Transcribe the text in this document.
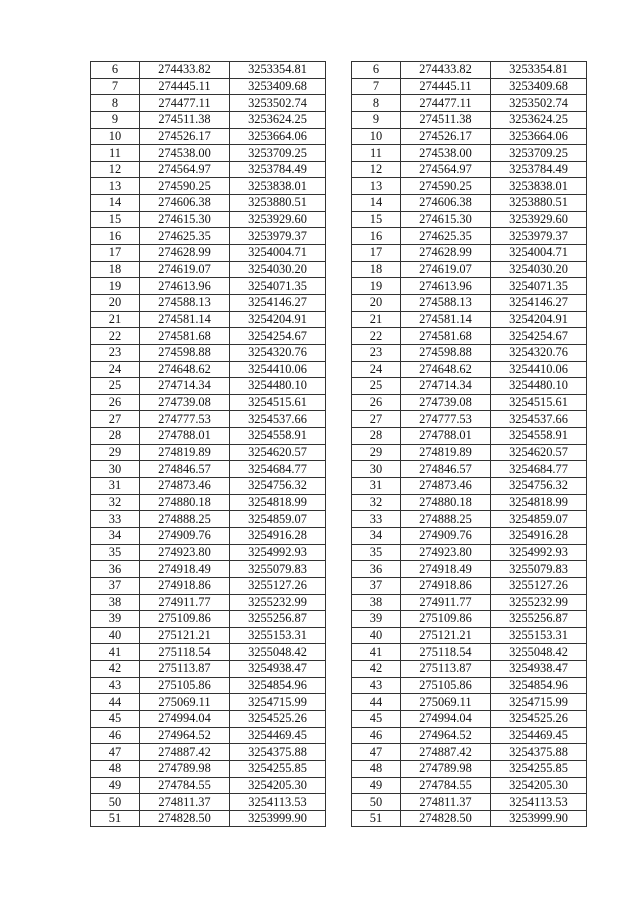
6	274433.82	3253354.81
7	274445.11	3253409.68
8	274477.11	3253502.74
9	274511.38	3253624.25
10	274526.17	3253664.06
11	274538.00	3253709.25
12	274564.97	3253784.49
13	274590.25	3253838.01
14	274606.38	3253880.51
15	274615.30	3253929.60
16	274625.35	3253979.37
17	274628.99	3254004.71
18	274619.07	3254030.20
19	274613.96	3254071.35
20	274588.13	3254146.27
21	274581.14	3254204.91
22	274581.68	3254254.67
23	274598.88	3254320.76
24	274648.62	3254410.06
25	274714.34	3254480.10
26	274739.08	3254515.61
27	274777.53	3254537.66
28	274788.01	3254558.91
29	274819.89	3254620.57
30	274846.57	3254684.77
31	274873.46	3254756.32
32	274880.18	3254818.99
33	274888.25	3254859.07
34	274909.76	3254916.28
35	274923.80	3254992.93
36	274918.49	3255079.83
37	274918.86	3255127.26
38	274911.77	3255232.99
39	275109.86	3255256.87
40	275121.21	3255153.31
41	275118.54	3255048.42
42	275113.87	3254938.47
43	275105.86	3254854.96
44	275069.11	3254715.99
45	274994.04	3254525.26
46	274964.52	3254469.45
47	274887.42	3254375.88
48	274789.98	3254255.85
49	274784.55	3254205.30
50	274811.37	3254113.53
51	274828.50	3253999.90
6	274433.82	3253354.81
7	274445.11	3253409.68
8	274477.11	3253502.74
9	274511.38	3253624.25
10	274526.17	3253664.06
11	274538.00	3253709.25
12	274564.97	3253784.49
13	274590.25	3253838.01
14	274606.38	3253880.51
15	274615.30	3253929.60
16	274625.35	3253979.37
17	274628.99	3254004.71
18	274619.07	3254030.20
19	274613.96	3254071.35
20	274588.13	3254146.27
21	274581.14	3254204.91
22	274581.68	3254254.67
23	274598.88	3254320.76
24	274648.62	3254410.06
25	274714.34	3254480.10
26	274739.08	3254515.61
27	274777.53	3254537.66
28	274788.01	3254558.91
29	274819.89	3254620.57
30	274846.57	3254684.77
31	274873.46	3254756.32
32	274880.18	3254818.99
33	274888.25	3254859.07
34	274909.76	3254916.28
35	274923.80	3254992.93
36	274918.49	3255079.83
37	274918.86	3255127.26
38	274911.77	3255232.99
39	275109.86	3255256.87
40	275121.21	3255153.31
41	275118.54	3255048.42
42	275113.87	3254938.47
43	275105.86	3254854.96
44	275069.11	3254715.99
45	274994.04	3254525.26
46	274964.52	3254469.45
47	274887.42	3254375.88
48	274789.98	3254255.85
49	274784.55	3254205.30
50	274811.37	3254113.53
51	274828.50	3253999.90
